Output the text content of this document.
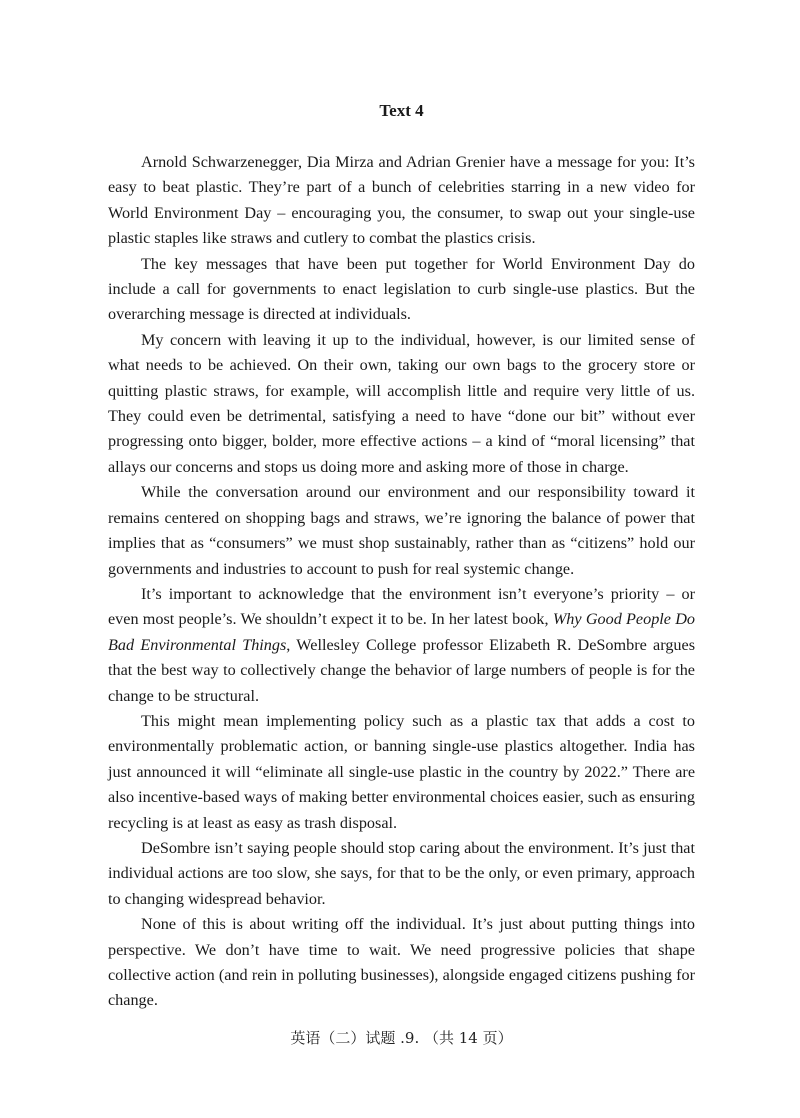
Text 4

Arnold Schwarzenegger, Dia Mirza and Adrian Grenier have a message for you: It’s easy to beat plastic. They’re part of a bunch of celebrities starring in a new video for World Environment Day – encouraging you, the consumer, to swap out your single-use plastic staples like straws and cutlery to combat the plastics crisis.

The key messages that have been put together for World Environment Day do include a call for governments to enact legislation to curb single-use plastics. But the overarching message is directed at individuals.

My concern with leaving it up to the individual, however, is our limited sense of what needs to be achieved. On their own, taking our own bags to the grocery store or quitting plastic straws, for example, will accomplish little and require very little of us. They could even be detrimental, satisfying a need to have “done our bit” without ever progressing onto bigger, bolder, more effective actions – a kind of “moral licensing” that allays our concerns and stops us doing more and asking more of those in charge.

While the conversation around our environment and our responsibility toward it remains centered on shopping bags and straws, we’re ignoring the balance of power that implies that as “consumers” we must shop sustainably, rather than as “citizens” hold our governments and industries to account to push for real systemic change.

It’s important to acknowledge that the environment isn’t everyone’s priority – or even most people’s. We shouldn’t expect it to be. In her latest book, Why Good People Do Bad Environmental Things, Wellesley College professor Elizabeth R. DeSombre argues that the best way to collectively change the behavior of large numbers of people is for the change to be structural.

This might mean implementing policy such as a plastic tax that adds a cost to environmentally problematic action, or banning single-use plastics altogether. India has just announced it will “eliminate all single-use plastic in the country by 2022.” There are also incentive-based ways of making better environmental choices easier, such as ensuring recycling is at least as easy as trash disposal.

DeSombre isn’t saying people should stop caring about the environment. It’s just that individual actions are too slow, she says, for that to be the only, or even primary, approach to changing widespread behavior.

None of this is about writing off the individual. It’s just about putting things into perspective. We don’t have time to wait. We need progressive policies that shape collective action (and rein in polluting businesses), alongside engaged citizens pushing for change.

英语（二）试题 .9. （共 14 页）
